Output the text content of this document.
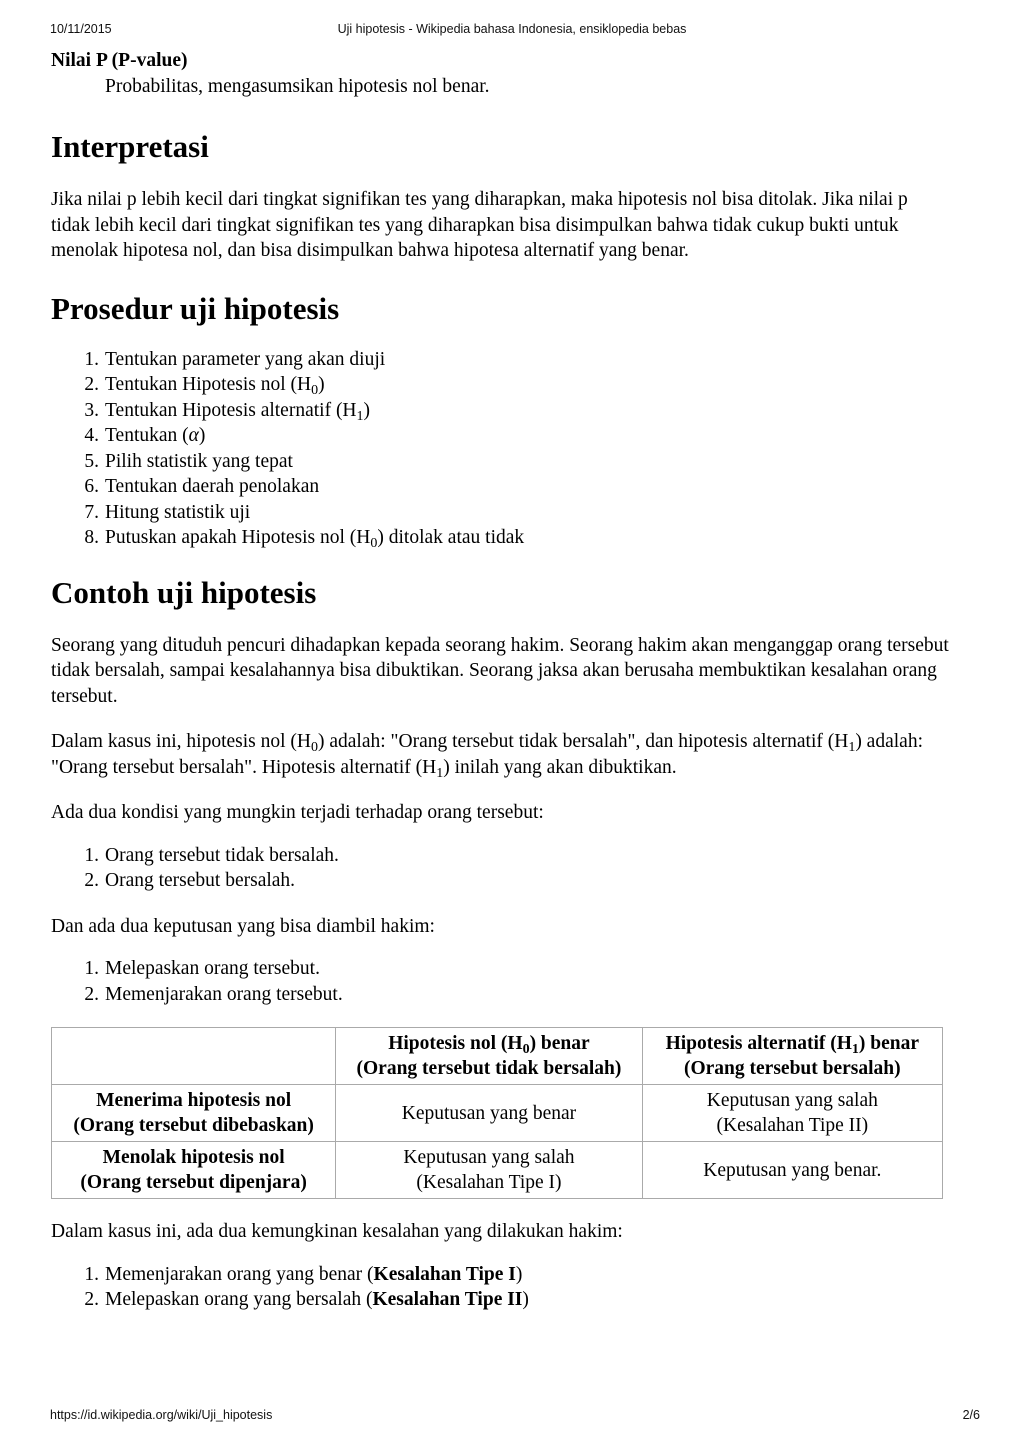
10/11/2015	Uji hipotesis - Wikipedia bahasa Indonesia, ensiklopedia bebas
Nilai P (P-value)
Probabilitas, mengasumsikan hipotesis nol benar.
Interpretasi

Jika nilai p lebih kecil dari tingkat signifikan tes yang diharapkan, maka hipotesis nol bisa ditolak. Jika nilai p tidak lebih kecil dari tingkat signifikan tes yang diharapkan bisa disimpulkan bahwa tidak cukup bukti untuk menolak hipotesa nol, dan bisa disimpulkan bahwa hipotesa alternatif yang benar.

Prosedur uji hipotesis
1. Tentukan parameter yang akan diuji
2. Tentukan Hipotesis nol $(H_0)$
3. Tentukan Hipotesis alternatif $(H_1)$
4. Tentukan (α)
5. Pilih statistik yang tepat
6. Tentukan daerah penolakan
7. Hitung statistik uji
8. Putuskan apakah Hipotesis nol $(H_0)$ ditolak atau tidak
Contoh uji hipotesis

Seorang yang dituduh pencuri dihadapkan kepada seorang hakim. Seorang hakim akan menganggap orang tersebut tidak bersalah, sampai kesalahannya bisa dibuktikan. Seorang jaksa akan berusaha membuktikan kesalahan orang tersebut.

Dalam kasus ini, hipotesis nol $(H_0)$ adalah: "Orang tersebut tidak bersalah", dan hipotesis alternatif $(H_1)$ adalah: "Orang tersebut bersalah". Hipotesis alternatif $(H_1)$ inilah yang akan dibuktikan.

Ada dua kondisi yang mungkin terjadi terhadap orang tersebut:

1. Orang tersebut tidak bersalah.
2. Orang tersebut bersalah.

Dan ada dua keputusan yang bisa diambil hakim:

1. Melepaskan orang tersebut.
2. Memenjarakan orang tersebut.
	Hipotesis nol $(H_0)$ benar
(Orang tersebut tidak bersalah)	Hipotesis alternatif $(H_1)$ benar
(Orang tersebut bersalah)
Menerima hipotesis nol
(Orang tersebut dibebaskan)	Keputusan yang benar	Keputusan yang salah
(Kesalahan Tipe II)
Menolak hipotesis nol
(Orang tersebut dipenjara)	Keputusan yang salah
(Kesalahan Tipe I)	Keputusan yang benar.

Dalam kasus ini, ada dua kemungkinan kesalahan yang dilakukan hakim:

1. Memenjarakan orang yang benar (Kesalahan Tipe I)
2. Melepaskan orang yang bersalah (Kesalahan Tipe II)
https://id.wikipedia.org/wiki/Uji_hipotesis	2/6
